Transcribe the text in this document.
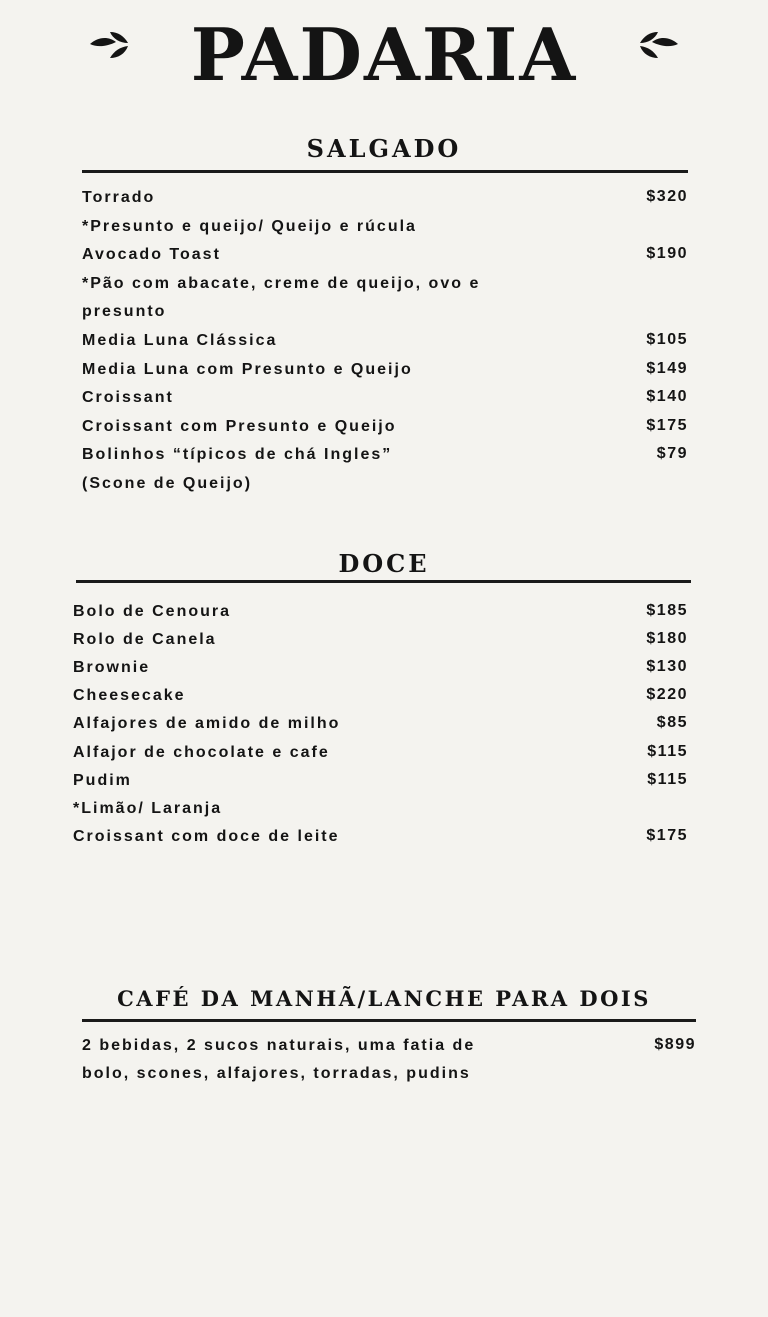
PADARIA
SALGADO
Torrado	$320
*Presunto e queijo/ Queijo e rúcula
Avocado Toast	$190
*Pão com abacate, creme de queijo, ovo e
presunto
Media Luna Clássica	$105
Media Luna com Presunto e Queijo	$149
Croissant	$140
Croissant com Presunto e Queijo	$175
Bolinhos “típicos de chá Ingles”	$79
(Scone de Queijo)
DOCE
Bolo de Cenoura	$185
Rolo de Canela	$180
Brownie	$130
Cheesecake	$220
Alfajores de amido de milho	$85
Alfajor de chocolate e cafe	$115
Pudim	$115
*Limão/ Laranja
Croissant com doce de leite	$175
CAFÉ DA MANHÃ/LANCHE PARA DOIS
2 bebidas, 2 sucos naturais, uma fatia de	$899
bolo, scones, alfajores, torradas, pudins
